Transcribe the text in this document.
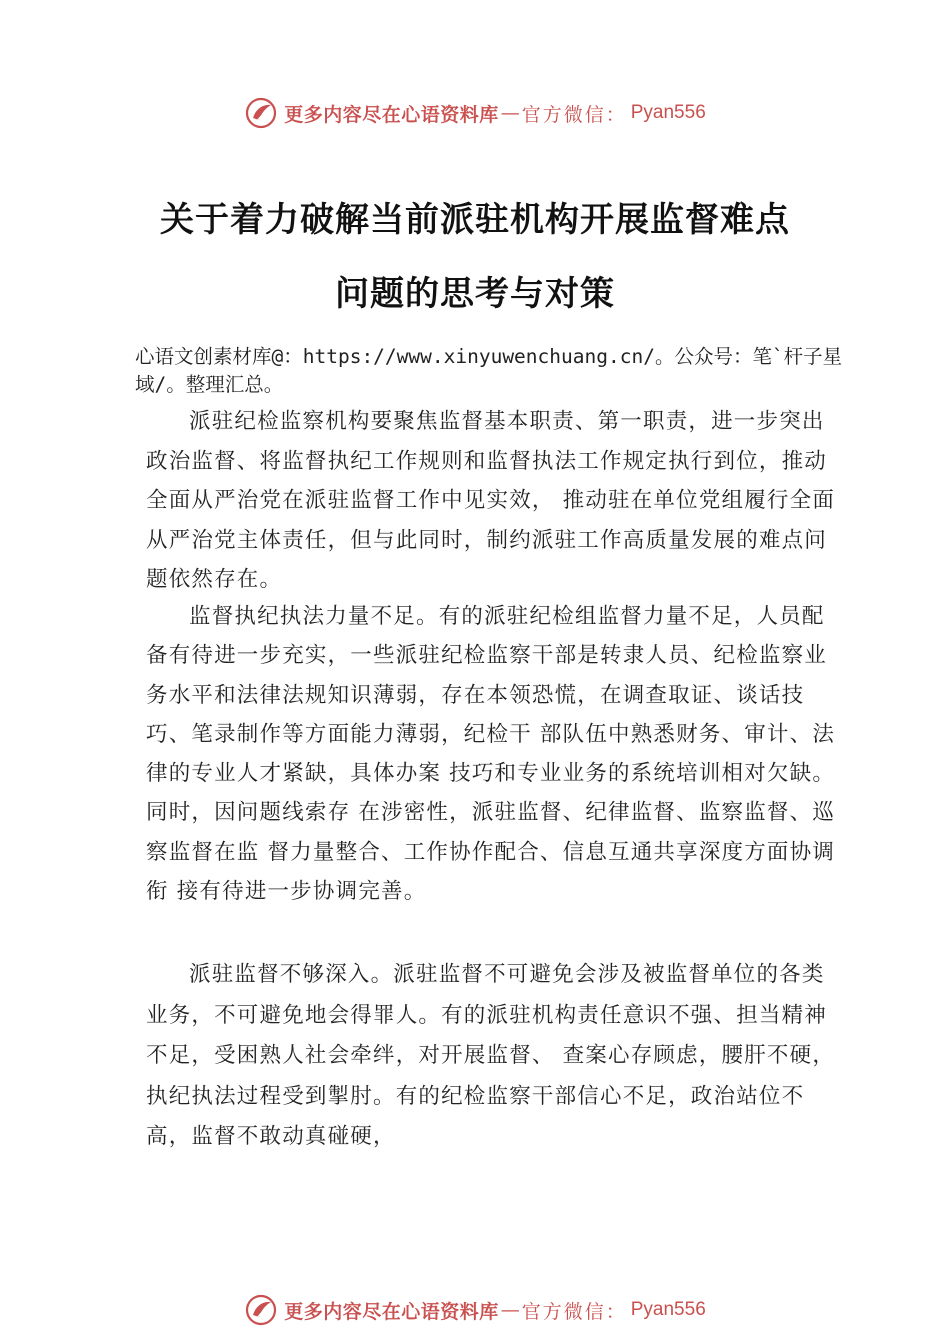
更多内容尽在心语资料库 — 官方微信： Pyan556
关于着力破解当前派驻机构开展监督难点
问题的思考与对策
心语文创素材库@：https://www.xinyuwenchuang.cn/。公众号：笔`杆子星域/。整理汇总。

派驻纪检监察机构要聚焦监督基本职责、第一职责，进一步突出政治监督、将监督执纪工作规则和监督执法工作规定执行到位，推动全面从严治党在派驻监督工作中见实效， 推动驻在单位党组履行全面从严治党主体责任，但与此同时，制约派驻工作高质量发展的难点问题依然存在。

监督执纪执法力量不足。有的派驻纪检组监督力量不足，人员配备有待进一步充实，一些派驻纪检监察干部是转隶人员、纪检监察业务水平和法律法规知识薄弱，存在本领恐慌，在调查取证、谈话技巧、笔录制作等方面能力薄弱，纪检干 部队伍中熟悉财务、审计、法律的专业人才紧缺，具体办案 技巧和专业业务的系统培训相对欠缺。同时，因问题线索存 在涉密性，派驻监督、纪律监督、监察监督、巡察监督在监 督力量整合、工作协作配合、信息互通共享深度方面协调衔 接有待进一步协调完善。

派驻监督不够深入。派驻监督不可避免会涉及被监督单位的各类业务，不可避免地会得罪人。有的派驻机构责任意识不强、担当精神不足，受困熟人社会牵绊，对开展监督、 查案心存顾虑，腰肝不硬，执纪执法过程受到掣肘。有的纪检监察干部信心不足，政治站位不高，监督不敢动真碰硬，

更多内容尽在心语资料库 — 官方微信： Pyan556
